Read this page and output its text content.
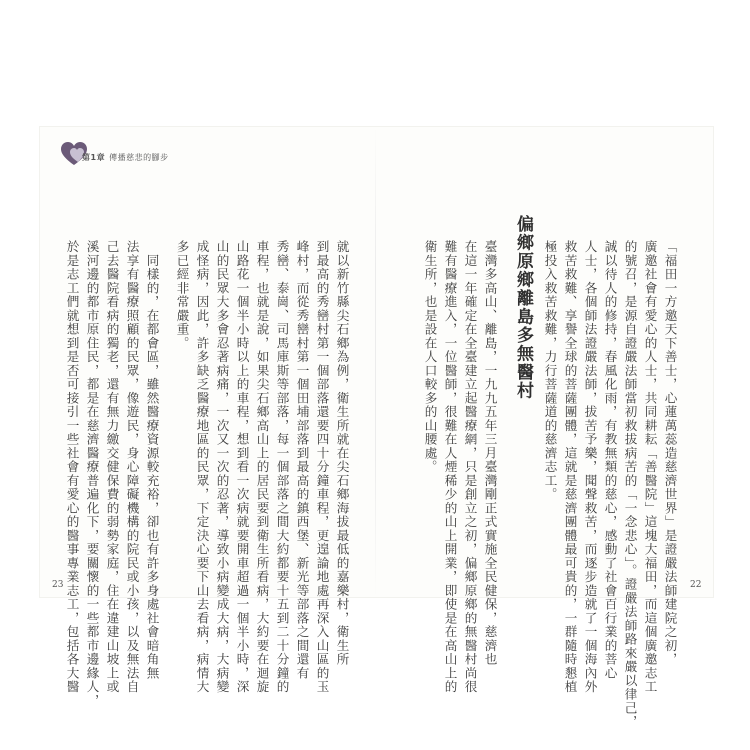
第1章 傳播慈悲的腳步
「福田一方邀天下善士，心蓮萬蕊造慈濟世界」是證嚴法師建院之初，
廣邀社會有愛心的人士，共同耕耘「善醫院」這塊大福田，而這個廣邀志工
的號召，是源自證嚴法師當初救拔病苦的「一念悲心」。證嚴法師路來嚴以律己，
誠以待人的修持，春風化雨，有教無類的慈心，感動了社會百行業的菩心
人士，各個師法證嚴法師，拔苦予樂，聞聲救苦，而逐步造就了一個海內外
救苦救難、享譽全球的菩薩團體，這就是慈濟團體最可貴的，一群隨時懇植
極投入救苦救難，力行菩薩道的慈濟志工。
偏鄉原鄉離島多無醫村
臺灣多高山、離島，一九九五年三月臺灣剛正式實施全民健保，慈濟也
在這一年確定在全臺建立起醫療網，只是創立之初，偏鄉原鄉的無醫村尚很
難有醫療進入，一位醫師，很難在人煙稀少的山上開業，即使是在高山上的
衛生所，也是設在人口較多的山腰處。
22
就以新竹縣尖石鄉為例，衛生所就在尖石鄉海拔最低的嘉樂村，衛生所
到最高的秀巒村第一個部落還要四十分鐘車程，更遑論地處再深入山區的玉
峰村，而從秀巒村第一個田埔部落到最高的鎮西堡、新光等部落之間還有
秀巒、泰崗、司馬庫斯等部落，每一個部落之間大約都要十五到二十分鐘的
車程，也就是說，如果尖石鄉高山上的居民要到衛生所看病，大約要在迴旋
山路花一個半小時以上的車程，想到看一次病就要開車超過一個半小時，深
山的民眾大多會忍著病痛，一次又一次的忍著，導致小病變成大病，大病變
成怪病，因此，許多缺乏醫療地區的民眾，下定決心要下山去看病，病情大
多已經非常嚴重。
　同樣的，在都會區，雖然醫療資源較充裕，卻也有許多身處社會暗角無
法享有醫療照顧的民眾，像遊民，身心障礙機構的院民或小孩，以及無法自
己去醫院看病的獨老，還有無力繳交健保費的弱勢家庭，住在違建山坡上或
溪河邊的都市原住民，都是在慈濟醫療普遍化下，要關懷的一些都市邊緣人，
於是志工們就想到是否可接引一些社會有愛心的醫事專業志工，包括各大醫
23
